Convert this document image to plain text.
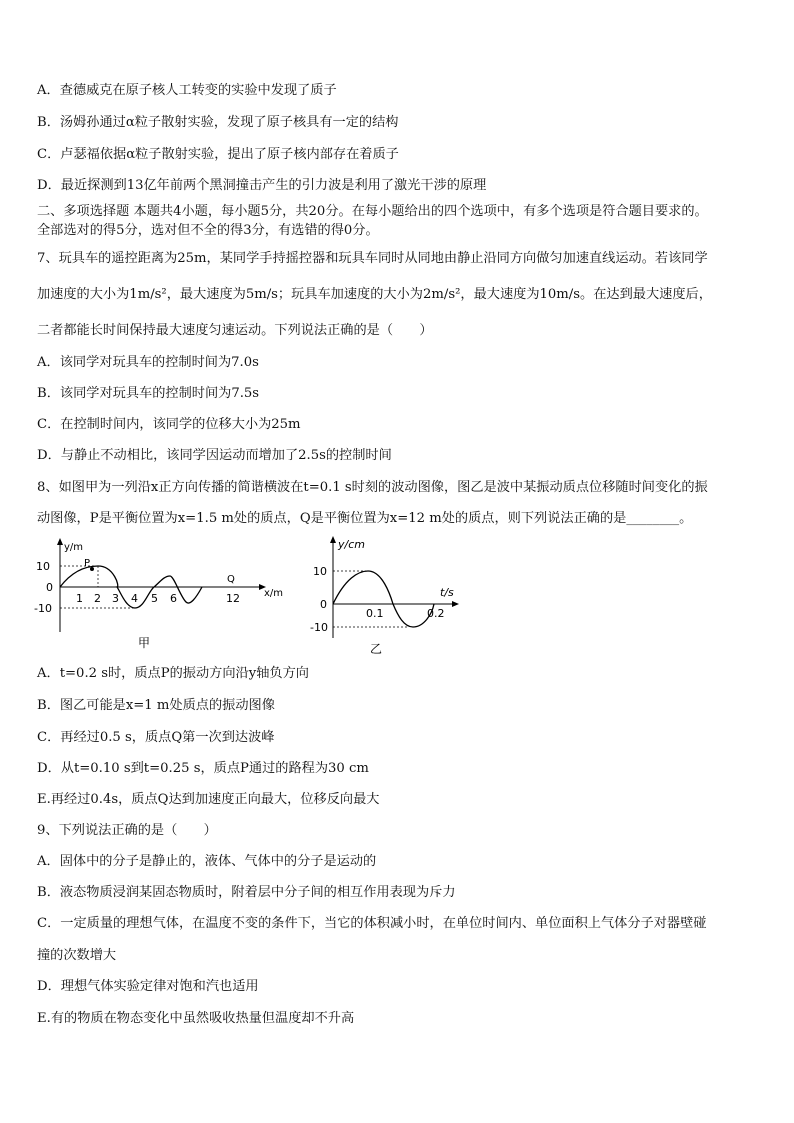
A．查德威克在原子核人工转变的实验中发现了质子
B．汤姆孙通过α粒子散射实验，发现了原子核具有一定的结构
C．卢瑟福依据α粒子散射实验，提出了原子核内部存在着质子
D．最近探测到13亿年前两个黑洞撞击产生的引力波是利用了激光干涉的原理
二、多项选择题 本题共4小题，每小题5分，共20分。在每小题给出的四个选项中，有多个选项是符合题目要求的。
全部选对的得5分，选对但不全的得3分，有选错的得0分。
7、玩具车的遥控距离为25m，某同学手持摇控器和玩具车同时从同地由静止沿同方向做匀加速直线运动。若该同学
加速度的大小为1m/s²，最大速度为5m/s；玩具车加速度的大小为2m/s²，最大速度为10m/s。在达到最大速度后，
二者都能长时间保持最大速度匀速运动。下列说法正确的是（　　）
A．该同学对玩具车的控制时间为7.0s
B．该同学对玩具车的控制时间为7.5s
C．在控制时间内，该同学的位移大小为25m
D．与静止不动相比，该同学因运动而增加了2.5s的控制时间
8、如图甲为一列沿x正方向传播的简谐横波在t=0.1 s时刻的波动图像，图乙是波中某振动质点位移随时间变化的振
动图像，P是平衡位置为x=1.5 m处的质点，Q是平衡位置为x=12 m处的质点，则下列说法正确的是________。
y/m
x/m
10
0
-10
1 2 3 4 5 6	12
P
Q
甲
y/cm
t/s
10
0
-10
0.1	0.2
乙
A．t=0.2 s时，质点P的振动方向沿y轴负方向
B．图乙可能是x=1 m处质点的振动图像
C．再经过0.5 s，质点Q第一次到达波峰
D．从t=0.10 s到t=0.25 s，质点P通过的路程为30 cm
E.再经过0.4s，质点Q达到加速度正向最大，位移反向最大
9、下列说法正确的是（　　）
A．固体中的分子是静止的，液体、气体中的分子是运动的
B．液态物质浸润某固态物质时，附着层中分子间的相互作用表现为斥力
C．一定质量的理想气体，在温度不变的条件下，当它的体积减小时，在单位时间内、单位面积上气体分子对器壁碰
撞的次数增大
D．理想气体实验定律对饱和汽也适用
E.有的物质在物态变化中虽然吸收热量但温度却不升高
